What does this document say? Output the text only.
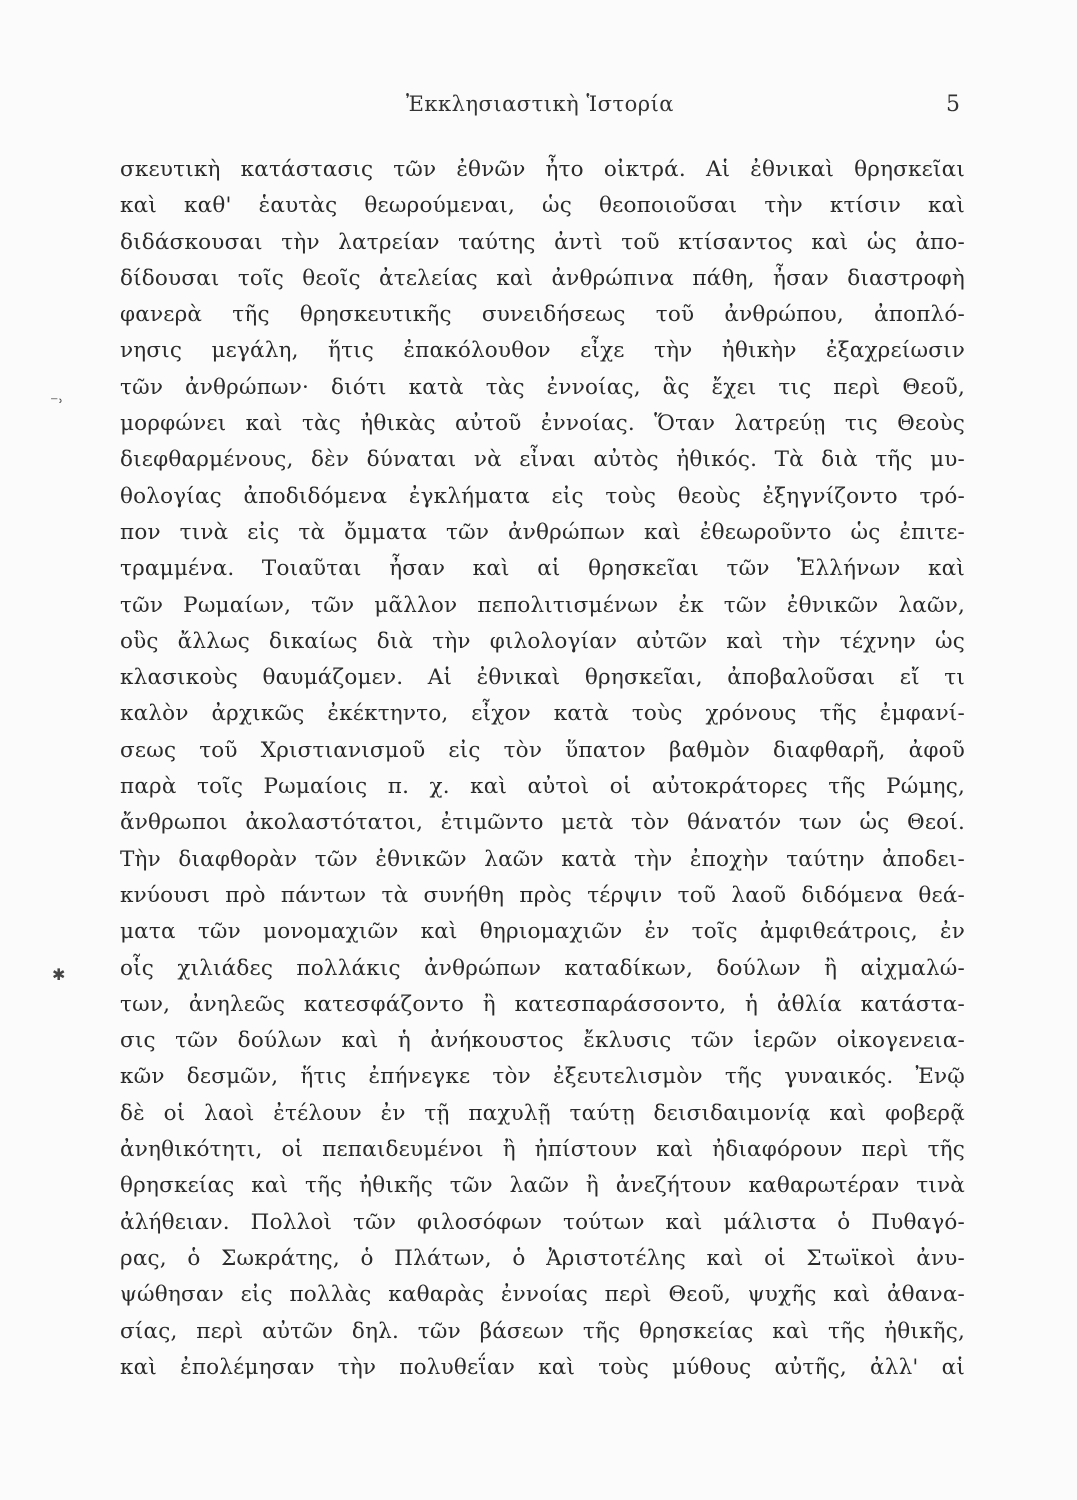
Ἐκκλησιαστικὴ Ἱστορία	5
⁻˒
✱
σκευτικὴ κατάστασις τῶν ἐθνῶν ἦτο οἰκτρά. Αἱ ἐθνικαὶ θρησκεῖαι
καὶ καθ' ἑαυτὰς θεωρούμεναι, ὡς θεοποιοῦσαι τὴν κτίσιν καὶ
διδάσκουσαι τὴν λατρείαν ταύτης ἀντὶ τοῦ κτίσαντος καὶ ὡς ἀπο-
δίδουσαι τοῖς θεοῖς ἀτελείας καὶ ἀνθρώπινα πάθη, ἦσαν διαστροφὴ
φανερὰ τῆς θρησκευτικῆς συνειδήσεως τοῦ ἀνθρώπου, ἀποπλό-
νησις μεγάλη, ἥτις ἐπακόλουθον εἶχε τὴν ἠθικὴν ἐξαχρείωσιν
τῶν ἀνθρώπων· διότι κατὰ τὰς ἐννοίας, ἃς ἔχει τις περὶ Θεοῦ,
μορφώνει καὶ τὰς ἠθικὰς αὐτοῦ ἐννοίας. Ὅταν λατρεύῃ τις Θεοὺς
διεφθαρμένους, δὲν δύναται νὰ εἶναι αὐτὸς ἠθικός. Τὰ διὰ τῆς μυ-
θολογίας ἀποδιδόμενα ἐγκλήματα εἰς τοὺς θεοὺς ἐξηγνίζοντο τρό-
πον τινὰ εἰς τὰ ὄμματα τῶν ἀνθρώπων καὶ ἐθεωροῦντο ὡς ἐπιτε-
τραμμένα. Τοιαῦται ἦσαν καὶ αἱ θρησκεῖαι τῶν Ἑλλήνων καὶ
τῶν Ρωμαίων, τῶν μᾶλλον πεπολιτισμένων ἐκ τῶν ἐθνικῶν λαῶν,
οὓς ἄλλως δικαίως διὰ τὴν φιλολογίαν αὐτῶν καὶ τὴν τέχνην ὡς
κλασικοὺς θαυμάζομεν. Αἱ ἐθνικαὶ θρησκεῖαι, ἀποβαλοῦσαι εἴ τι
καλὸν ἀρχικῶς ἐκέκτηντο, εἶχον κατὰ τοὺς χρόνους τῆς ἐμφανί-
σεως τοῦ Χριστιανισμοῦ εἰς τὸν ὕπατον βαθμὸν διαφθαρῆ, ἀφοῦ
παρὰ τοῖς Ρωμαίοις π. χ. καὶ αὐτοὶ οἱ αὐτοκράτορες τῆς Ρώμης,
ἄνθρωποι ἀκολαστότατοι, ἐτιμῶντο μετὰ τὸν θάνατόν των ὡς Θεοί.
Τὴν διαφθορὰν τῶν ἐθνικῶν λαῶν κατὰ τὴν ἐποχὴν ταύτην ἀποδει-
κνύουσι πρὸ πάντων τὰ συνήθη πρὸς τέρψιν τοῦ λαοῦ διδόμενα θεά-
ματα τῶν μονομαχιῶν καὶ θηριομαχιῶν ἐν τοῖς ἀμφιθεάτροις, ἐν
οἷς χιλιάδες πολλάκις ἀνθρώπων καταδίκων, δούλων ἢ αἰχμαλώ-
των, ἀνηλεῶς κατεσφάζοντο ἢ κατεσπαράσσοντο, ἡ ἀθλία κατάστα-
σις τῶν δούλων καὶ ἡ ἀνήκουστος ἔκλυσις τῶν ἱερῶν οἰκογενεια-
κῶν δεσμῶν, ἥτις ἐπήνεγκε τὸν ἐξευτελισμὸν τῆς γυναικός. Ἐνῷ
δὲ οἱ λαοὶ ἐτέλουν ἐν τῇ παχυλῇ ταύτῃ δεισιδαιμονίᾳ καὶ φοβερᾷ
ἀνηθικότητι, οἱ πεπαιδευμένοι ἢ ἠπίστουν καὶ ἠδιαφόρουν περὶ τῆς
θρησκείας καὶ τῆς ἠθικῆς τῶν λαῶν ἢ ἀνεζήτουν καθαρωτέραν τινὰ
ἀλήθειαν. Πολλοὶ τῶν φιλοσόφων τούτων καὶ μάλιστα ὁ Πυθαγό-
ρας, ὁ Σωκράτης, ὁ Πλάτων, ὁ Ἀριστοτέλης καὶ οἱ Στωϊκοὶ ἀνυ-
ψώθησαν εἰς πολλὰς καθαρὰς ἐννοίας περὶ Θεοῦ, ψυχῆς καὶ ἀθανα-
σίας, περὶ αὐτῶν δηλ. τῶν βάσεων τῆς θρησκείας καὶ τῆς ἠθικῆς,
καὶ ἐπολέμησαν τὴν πολυθεΐαν καὶ τοὺς μύθους αὐτῆς, ἀλλ' αἱ
